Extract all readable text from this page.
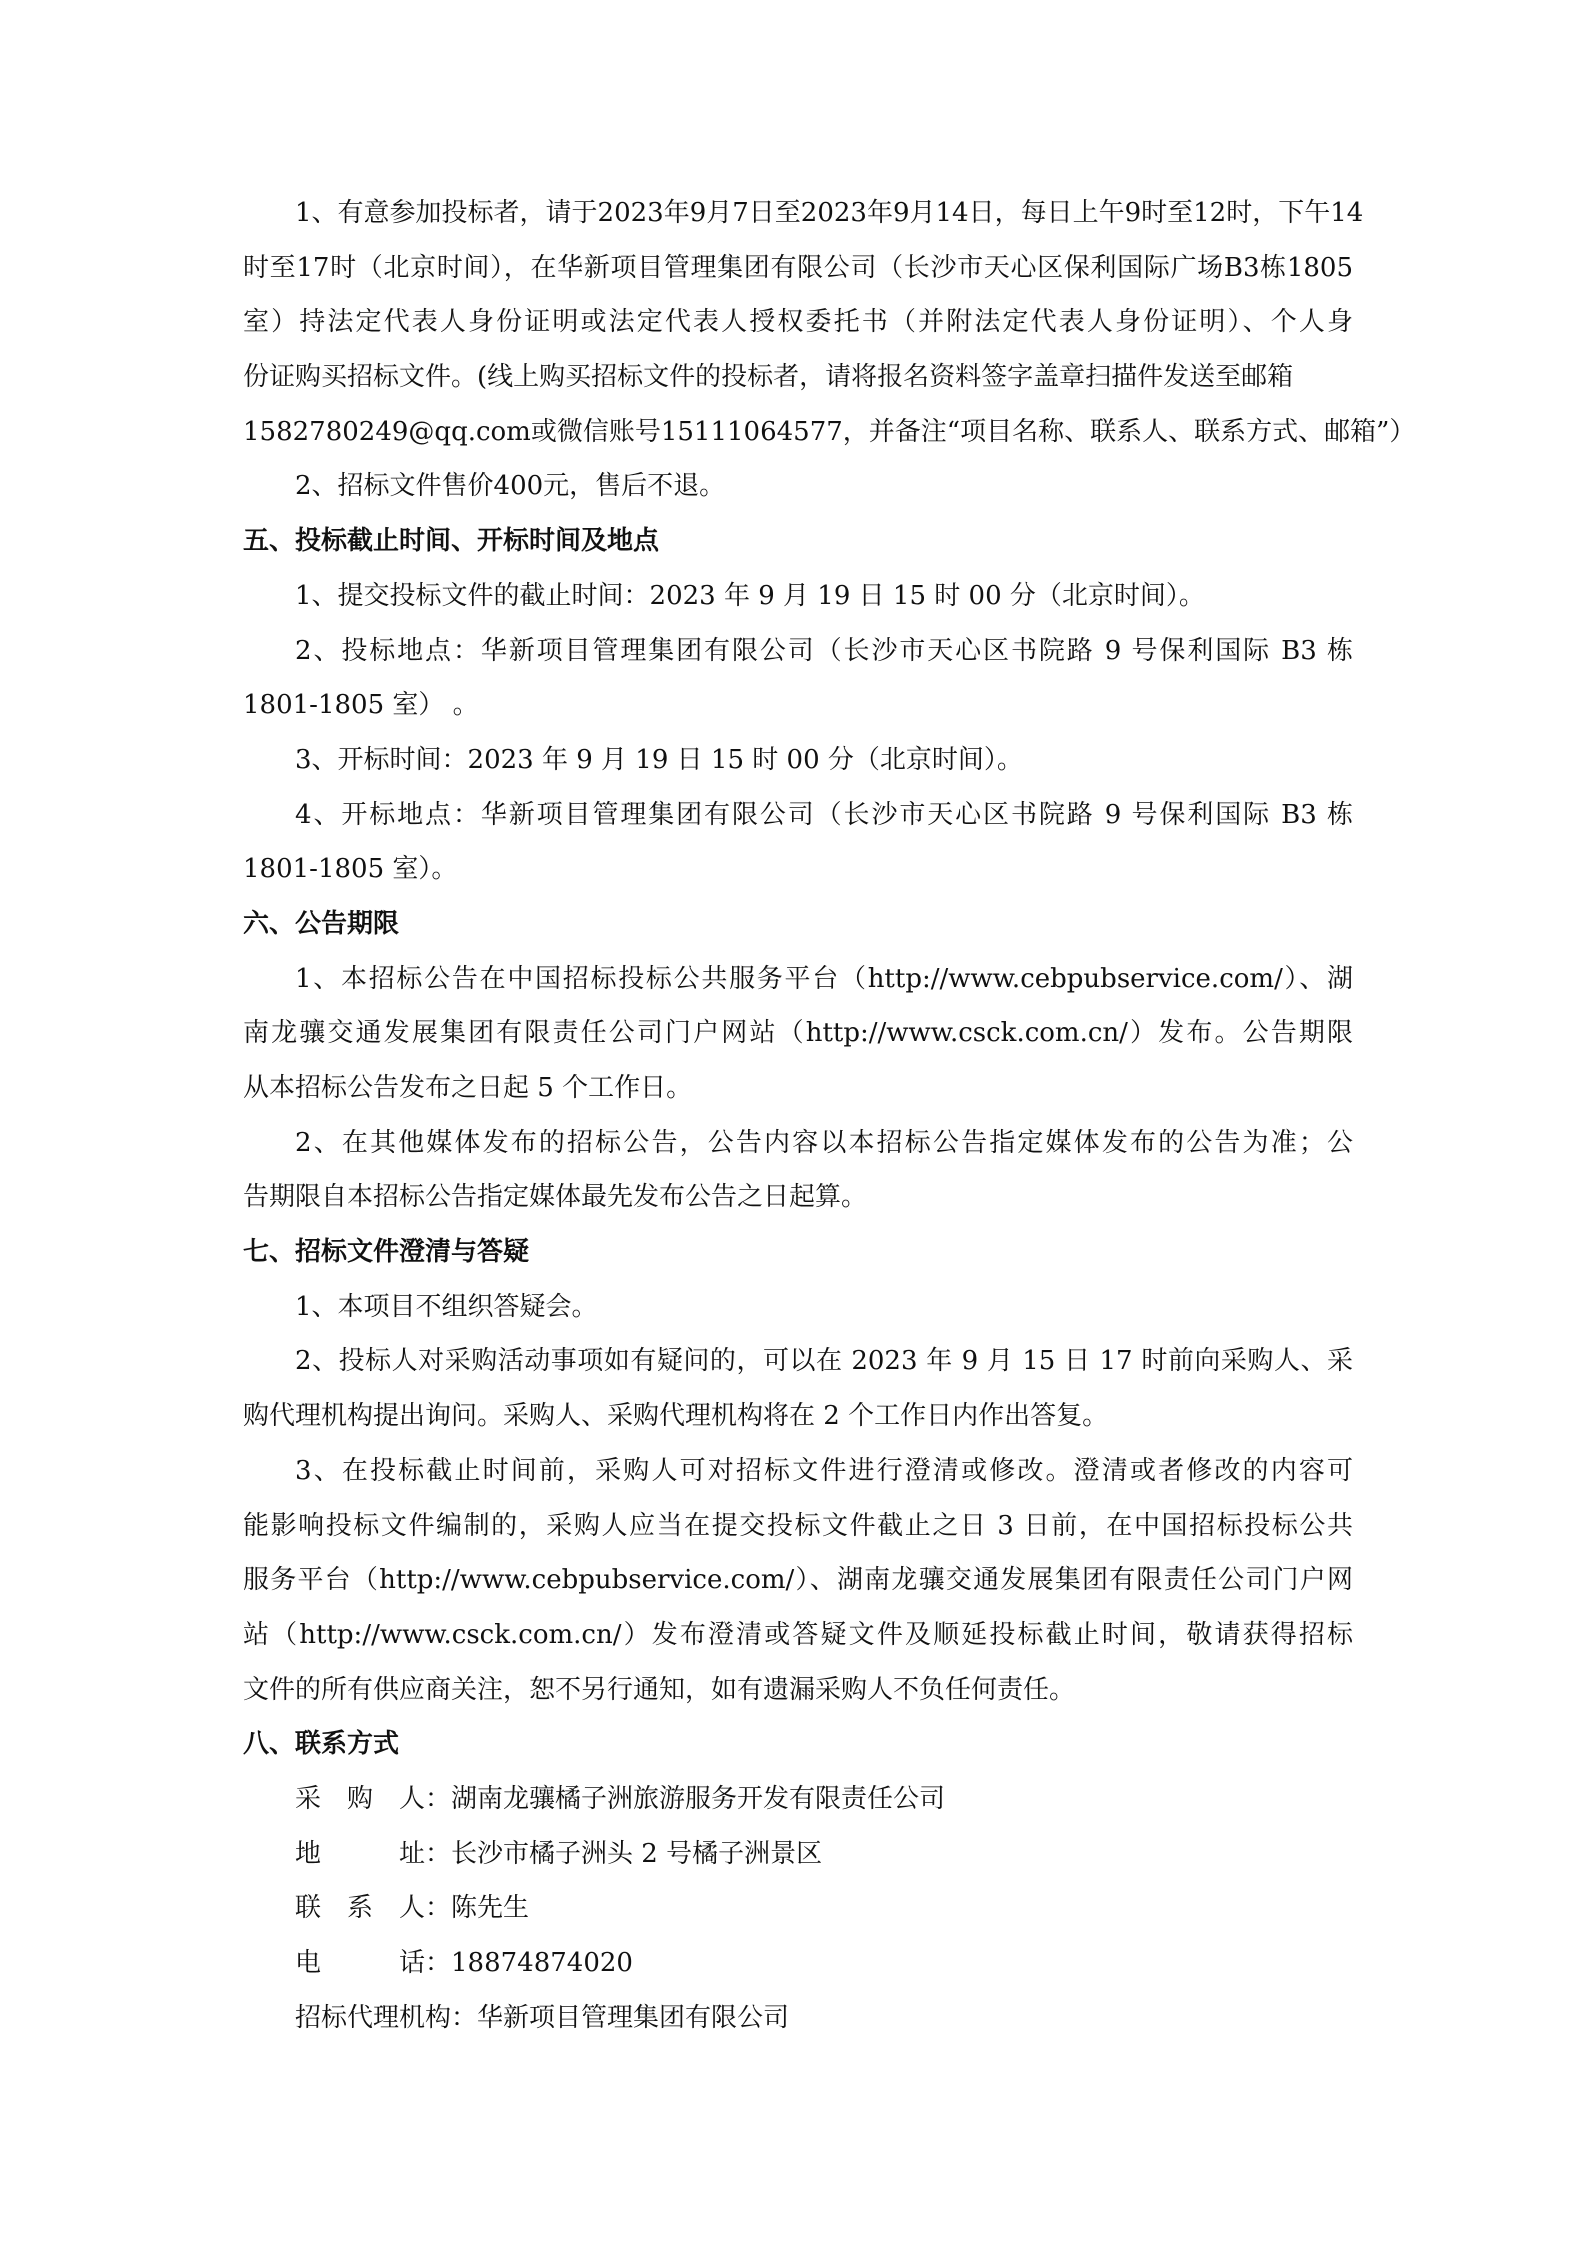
1、有意参加投标者，请于2023年9月7日至2023年9月14日，每日上午9时至12时，下午14
时至17时（北京时间），在华新项目管理集团有限公司（长沙市天心区保利国际广场B3栋1805
室）持法定代表人身份证明或法定代表人授权委托书（并附法定代表人身份证明）、个人身
份证购买招标文件。(线上购买招标文件的投标者，请将报名资料签字盖章扫描件发送至邮箱
1582780249@qq.com或微信账号15111064577，并备注“项目名称、联系人、联系方式、邮箱”）
2、招标文件售价400元，售后不退。
五、投标截止时间、开标时间及地点
1、提交投标文件的截止时间：2023 年 9 月 19 日 15 时 00 分（北京时间）。
2、投标地点：华新项目管理集团有限公司（长沙市天心区书院路 9 号保利国际 B3 栋
1801-1805 室） 。
3、开标时间：2023 年 9 月 19 日 15 时 00 分（北京时间）。
4、开标地点：华新项目管理集团有限公司（长沙市天心区书院路 9 号保利国际 B3 栋
1801-1805 室）。
六、公告期限
1、本招标公告在中国招标投标公共服务平台（http://www.cebpubservice.com/）、湖
南龙骧交通发展集团有限责任公司门户网站（http://www.csck.com.cn/）发布。公告期限
从本招标公告发布之日起 5 个工作日。
2、在其他媒体发布的招标公告，公告内容以本招标公告指定媒体发布的公告为准；公
告期限自本招标公告指定媒体最先发布公告之日起算。
七、招标文件澄清与答疑
1、本项目不组织答疑会。
2、投标人对采购活动事项如有疑问的，可以在 2023 年 9 月 15 日 17 时前向采购人、采
购代理机构提出询问。采购人、采购代理机构将在 2 个工作日内作出答复。
3、在投标截止时间前，采购人可对招标文件进行澄清或修改。澄清或者修改的内容可
能影响投标文件编制的，采购人应当在提交投标文件截止之日 3 日前，在中国招标投标公共
服务平台（http://www.cebpubservice.com/）、湖南龙骧交通发展集团有限责任公司门户网
站（http://www.csck.com.cn/）发布澄清或答疑文件及顺延投标截止时间，敬请获得招标
文件的所有供应商关注，恕不另行通知，如有遗漏采购人不负任何责任。
八、联系方式
采购人：湖南龙骧橘子洲旅游服务开发有限责任公司
地址：长沙市橘子洲头 2 号橘子洲景区
联系人：陈先生
电话：18874874020
招标代理机构：华新项目管理集团有限公司
